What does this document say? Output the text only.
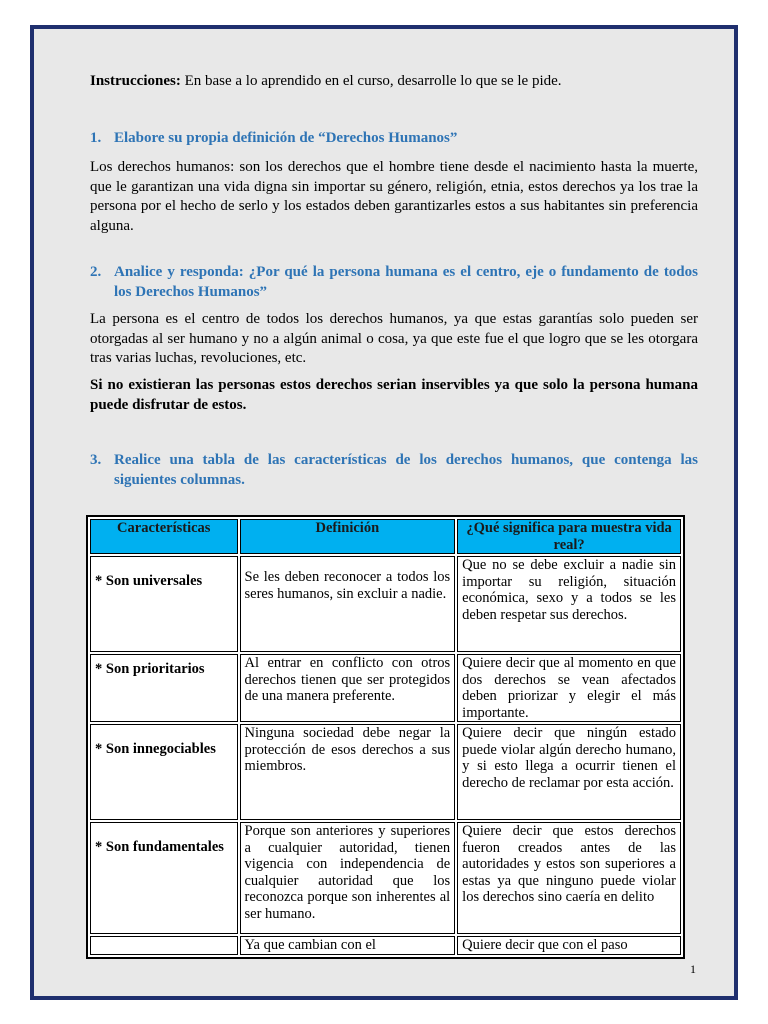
Instrucciones: En base a lo aprendido en el curso, desarrolle lo que se le pide.

1. Elabore su propia definición de “Derechos Humanos”

Los derechos humanos: son los derechos que el hombre tiene desde el nacimiento hasta la muerte, que le garantizan una vida digna sin importar su género, religión, etnia, estos derechos ya los trae la persona por el hecho de serlo y los estados deben garantizarles estos a sus habitantes sin preferencia alguna.

2. Analice y responda: ¿Por qué la persona humana es el centro, eje o fundamento de todos los Derechos Humanos”

La persona es el centro de todos los derechos humanos, ya que estas garantías solo pueden ser otorgadas al ser humano y no a algún animal o cosa, ya que este fue el que logro que se les otorgara tras varias luchas, revoluciones, etc.

Si no existieran las personas estos derechos serian inservibles ya que solo la persona humana puede disfrutar de estos.

3. Realice una tabla de las características de los derechos humanos, que contenga las siguientes columnas.
Características	Definición	¿Qué significa para muestra vida real?
* Son universales	Se les deben reconocer a todos los seres humanos, sin excluir a nadie.	Que no se debe excluir a nadie sin importar su religión, situación económica, sexo y a todos se les deben respetar sus derechos.
* Son prioritarios	Al entrar en conflicto con otros derechos tienen que ser protegidos de una manera preferente.	Quiere decir que al momento en que dos derechos se vean afectados deben priorizar y elegir el más importante.
* Son innegociables	Ninguna sociedad debe negar la protección de esos derechos a sus miembros.	Quiere decir que ningún estado puede violar algún derecho humano, y si esto llega a ocurrir tienen el derecho de reclamar por esta acción.
* Son fundamentales	Porque son anteriores y superiores a cualquier autoridad, tienen vigencia con independencia de cualquier autoridad que los reconozca porque son inherentes al ser humano.	Quiere decir que estos derechos fueron creados antes de las autoridades y estos son superiores a estas ya que ninguno puede violar los derechos sino caería en delito
	Ya que cambian con el	Quiere decir que con el paso
1
